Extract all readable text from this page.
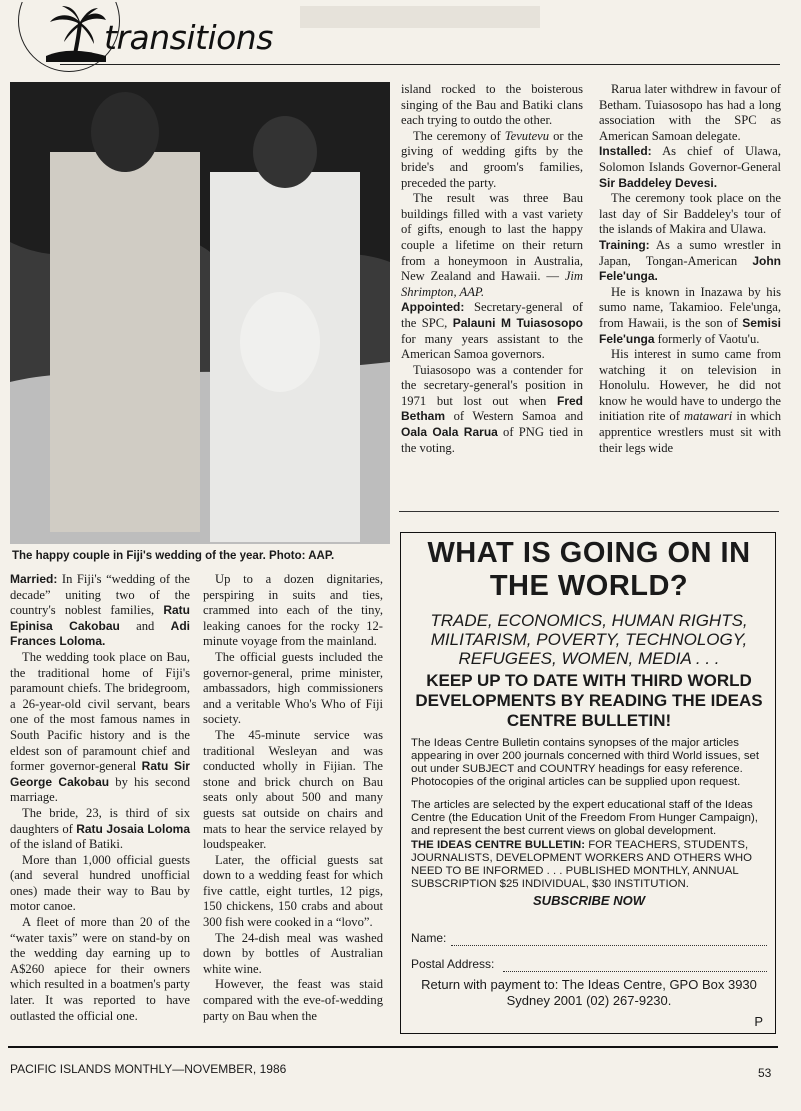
transitions
The happy couple in Fiji's wedding of the year. Photo: AAP.

Married: In Fiji's “wedding of the decade” uniting two of the country's noblest families, Ratu Epinisa Cakobau and Adi Frances Loloma.

The wedding took place on Bau, the traditional home of Fiji's paramount chiefs. The bridegroom, a 26-year-old civil servant, bears one of the most famous names in South Pacific history and is the eldest son of paramount chief and former governor-general Ratu Sir George Cakobau by his second marriage.

The bride, 23, is third of six daughters of Ratu Josaia Loloma of the island of Batiki.

More than 1,000 official guests (and several hundred unofficial ones) made their way to Bau by motor canoe.

A fleet of more than 20 of the “water taxis” were on stand-by on the wedding day earning up to A$260 apiece for their owners which resulted in a boatmen's party later. It was reported to have outlasted the official one.

Up to a dozen dignitaries, perspiring in suits and ties, crammed into each of the tiny, leaking canoes for the rocky 12-minute voyage from the mainland.

The official guests included the governor-general, prime minister, ambassadors, high commissioners and a veritable Who's Who of Fiji society.

The 45-minute service was traditional Wesleyan and was conducted wholly in Fijian. The stone and brick church on Bau seats only about 500 and many guests sat outside on chairs and mats to hear the service relayed by loudspeaker.

Later, the official guests sat down to a wedding feast for which five cattle, eight turtles, 12 pigs, 150 chickens, 150 crabs and about 300 fish were cooked in a “lovo”.

The 24-dish meal was washed down by bottles of Australian white wine.

However, the feast was staid compared with the eve-of-wedding party on Bau when the

island rocked to the boisterous singing of the Bau and Batiki clans each trying to outdo the other.

The ceremony of Tevutevu or the giving of wedding gifts by the bride's and groom's families, preceded the party.

The result was three Bau buildings filled with a vast variety of gifts, enough to last the happy couple a lifetime on their return from a honeymoon in Australia, New Zealand and Hawaii. — Jim Shrimpton, AAP.

Appointed: Secretary-general of the SPC, Palauni M Tuiasosopo for many years assistant to the American Samoa governors.

Tuiasosopo was a contender for the secretary-general's position in 1971 but lost out when Fred Betham of Western Samoa and Oala Oala Rarua of PNG tied in the voting.

Rarua later withdrew in favour of Betham. Tuiasosopo has had a long association with the SPC as American Samoan delegate.

Installed: As chief of Ulawa, Solomon Islands Governor-General Sir Baddeley Devesi.

The ceremony took place on the last day of Sir Baddeley's tour of the islands of Makira and Ulawa.

Training: As a sumo wrestler in Japan, Tongan-American John Fele'unga.

He is known in Inazawa by his sumo name, Takamioo. Fele'unga, from Hawaii, is the son of Semisi Fele'unga formerly of Vaotu'u.

His interest in sumo came from watching it on television in Honolulu. However, he did not know he would have to undergo the initiation rite of matawari in which apprentice wrestlers must sit with their legs wide

WHAT IS GOING ON IN THE WORLD?
TRADE, ECONOMICS, HUMAN RIGHTS, MILITARISM, POVERTY, TECHNOLOGY, REFUGEES, WOMEN, MEDIA . . .
KEEP UP TO DATE WITH THIRD WORLD DEVELOPMENTS BY READING THE IDEAS CENTRE BULLETIN!
The Ideas Centre Bulletin contains synopses of the major articles appearing in over 200 journals concerned with third World issues, set out under SUBJECT and COUNTRY headings for easy reference. Photocopies of the original articles can be supplied upon request.
The articles are selected by the expert educational staff of the Ideas Centre (the Education Unit of the Freedom From Hunger Campaign), and represent the best current views on global development.
THE IDEAS CENTRE BULLETIN: FOR TEACHERS, STUDENTS, JOURNALISTS, DEVELOPMENT WORKERS AND OTHERS WHO NEED TO BE INFORMED . . . PUBLISHED MONTHLY, ANNUAL SUBSCRIPTION $25 INDIVIDUAL, $30 INSTITUTION.
SUBSCRIBE NOW
Name:
Postal Address:
Return with payment to: The Ideas Centre, GPO Box 3930 Sydney 2001 (02) 267-9230.
P
PACIFIC ISLANDS MONTHLY—NOVEMBER, 1986	53
